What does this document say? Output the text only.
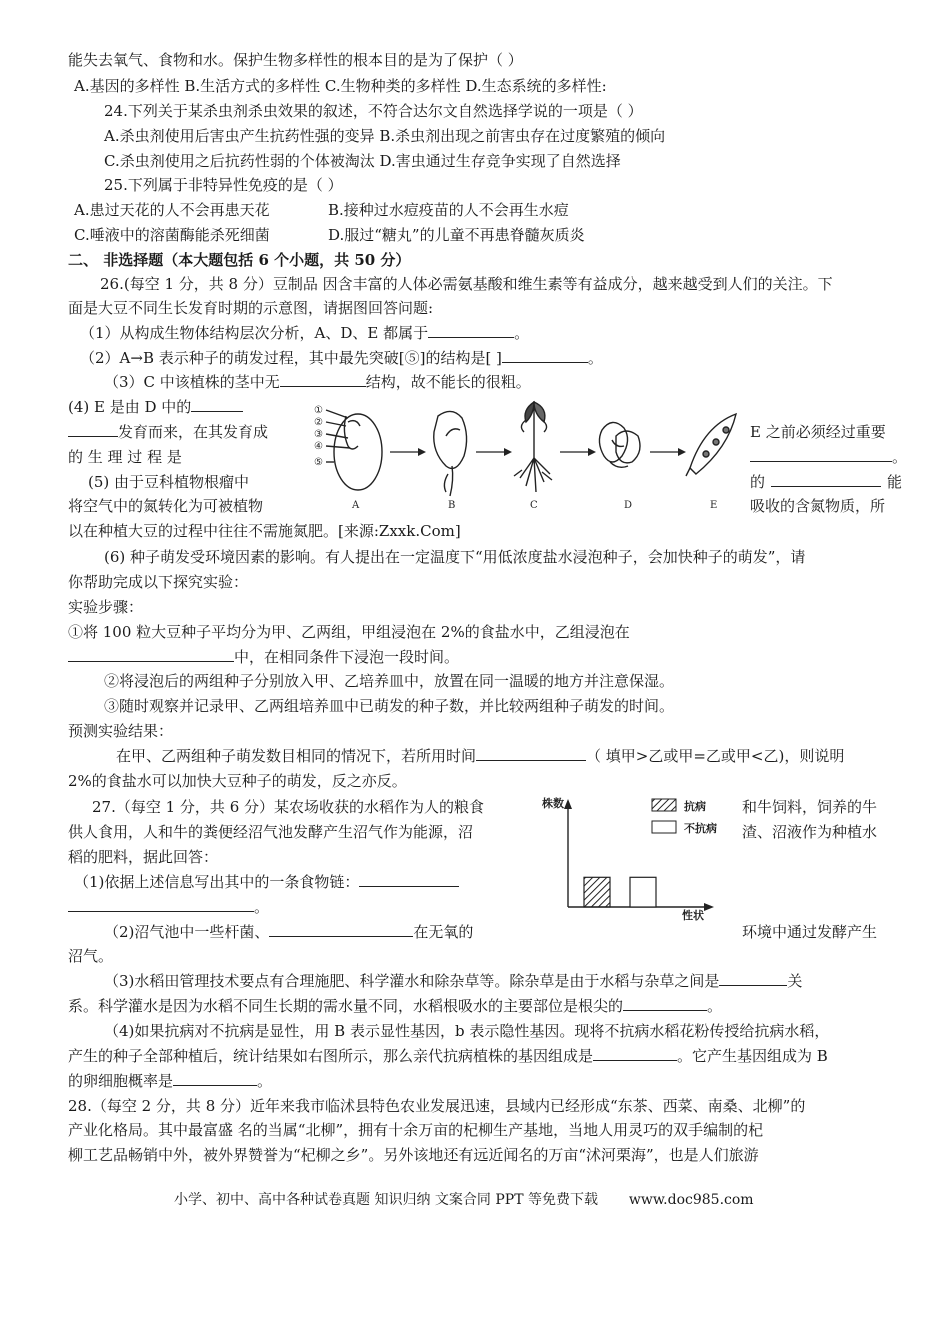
能失去氧气、食物和水。保护生物多样性的根本目的是为了保护（ ）
A.基因的多样性 B.生活方式的多样性 C.生物种类的多样性 D.生态系统的多样性:
24.下列关于某杀虫剂杀虫效果的叙述，不符合达尔文自然选择学说的一项是（ ）
A.杀虫剂使用后害虫产生抗药性强的变异 B.杀虫剂出现之前害虫存在过度繁殖的倾向
C.杀虫剂使用之后抗药性弱的个体被淘汰 D.害虫通过生存竞争实现了自然选择
25.下列属于非特异性免疫的是（ ）
A.患过天花的人不会再患天花	B.接种过水痘疫苗的人不会再生水痘
C.唾液中的溶菌酶能杀死细菌	D.服过“糖丸”的儿童不再患脊髓灰质炎
二、 非选择题（本大题包括 6 个小题，共 50 分）
26.(每空 1 分，共 8 分）豆制品 因含丰富的人体必需氨基酸和维生素等有益成分，越来越受到人们的关注。下
面是大豆不同生长发育时期的示意图，请据图回答问题:
（1）从构成生物体结构层次分析，A、D、E 都属于	。
（2）A→B 表示种子的萌发过程，其中最先突破[⑤]的结构是[ ]	。
（3）C 中该植株的茎中无	结构，故不能长的很粗。
(4) E 是由 D 中的
发育而来，在其发育成	E 之前必须经过重要
的 生 理 过 程 是	。
(5) 由于豆科植物根瘤中	的	能
将空气中的氮转化为可被植物	吸收的含氮物质，所
以在种植大豆的过程中往往不需施氮肥。[来源:Zxxk.Com]
①
②
③
④
⑤
A	B	C	D	E
(6) 种子萌发受环境因素的影响。有人提出在一定温度下“用低浓度盐水浸泡种子，会加快种子的萌发”，请
你帮助完成以下探究实验：
实验步骤：
①将 100 粒大豆种子平均分为甲、乙两组，甲组浸泡在 2%的食盐水中，乙组浸泡在
中，在相同条件下浸泡一段时间。
②将浸泡后的两组种子分别放入甲、乙培养皿中，放置在同一温暖的地方并注意保湿。
③随时观察并记录甲、乙两组培养皿中已萌发的种子数，并比较两组种子萌发的时间。
预测实验结果：
在甲、乙两组种子萌发数目相同的情况下，若所用时间	（ 填甲>乙或甲=乙或甲<乙)，则说明
2%的食盐水可以加快大豆种子的萌发，反之亦反。
27.（每空 1 分，共 6 分）某农场收获的水稻作为人的粮食	和牛饲料，饲养的牛
供人食用，人和牛的粪便经沼气池发酵产生沼气作为能源，沼	渣、沼液作为种植水
稻的肥料，据此回答：
株数
性状
抗病
不抗病
（1)依据上述信息写出其中的一条食物链：
。
（2)沼气池中一些杆菌、	在无氧的	环境中通过发酵产生
沼气。
（3)水稻田管理技术要点有合理施肥、科学灌水和除杂草等。除杂草是由于水稻与杂草之间是	关
系。科学灌水是因为水稻不同生长期的需水量不同，水稻根吸水的主要部位是根尖的	。
（4)如果抗病对不抗病是显性，用 B 表示显性基因，b 表示隐性基因。现将不抗病水稻花粉传授给抗病水稻，
产生的种子全部种植后，统计结果如右图所示，那么亲代抗病植株的基因组成是	。它产生基因组成为 B
的卵细胞概率是	。
28.（每空 2 分，共 8 分）近年来我市临沭县特色农业发展迅速，县域内已经形成“东茶、西菜、南桑、北柳”的
产业化格局。其中最富盛 名的当属“北柳”，拥有十余万亩的杞柳生产基地，当地人用灵巧的双手编制的杞
柳工艺品畅销中外，被外界赞誉为“杞柳之乡”。另外该地还有远近闻名的万亩“沭河栗海”，也是人们旅游
小学、初中、高中各种试卷真题 知识归纳 文案合同 PPT 等免费下载 www.doc985.com
